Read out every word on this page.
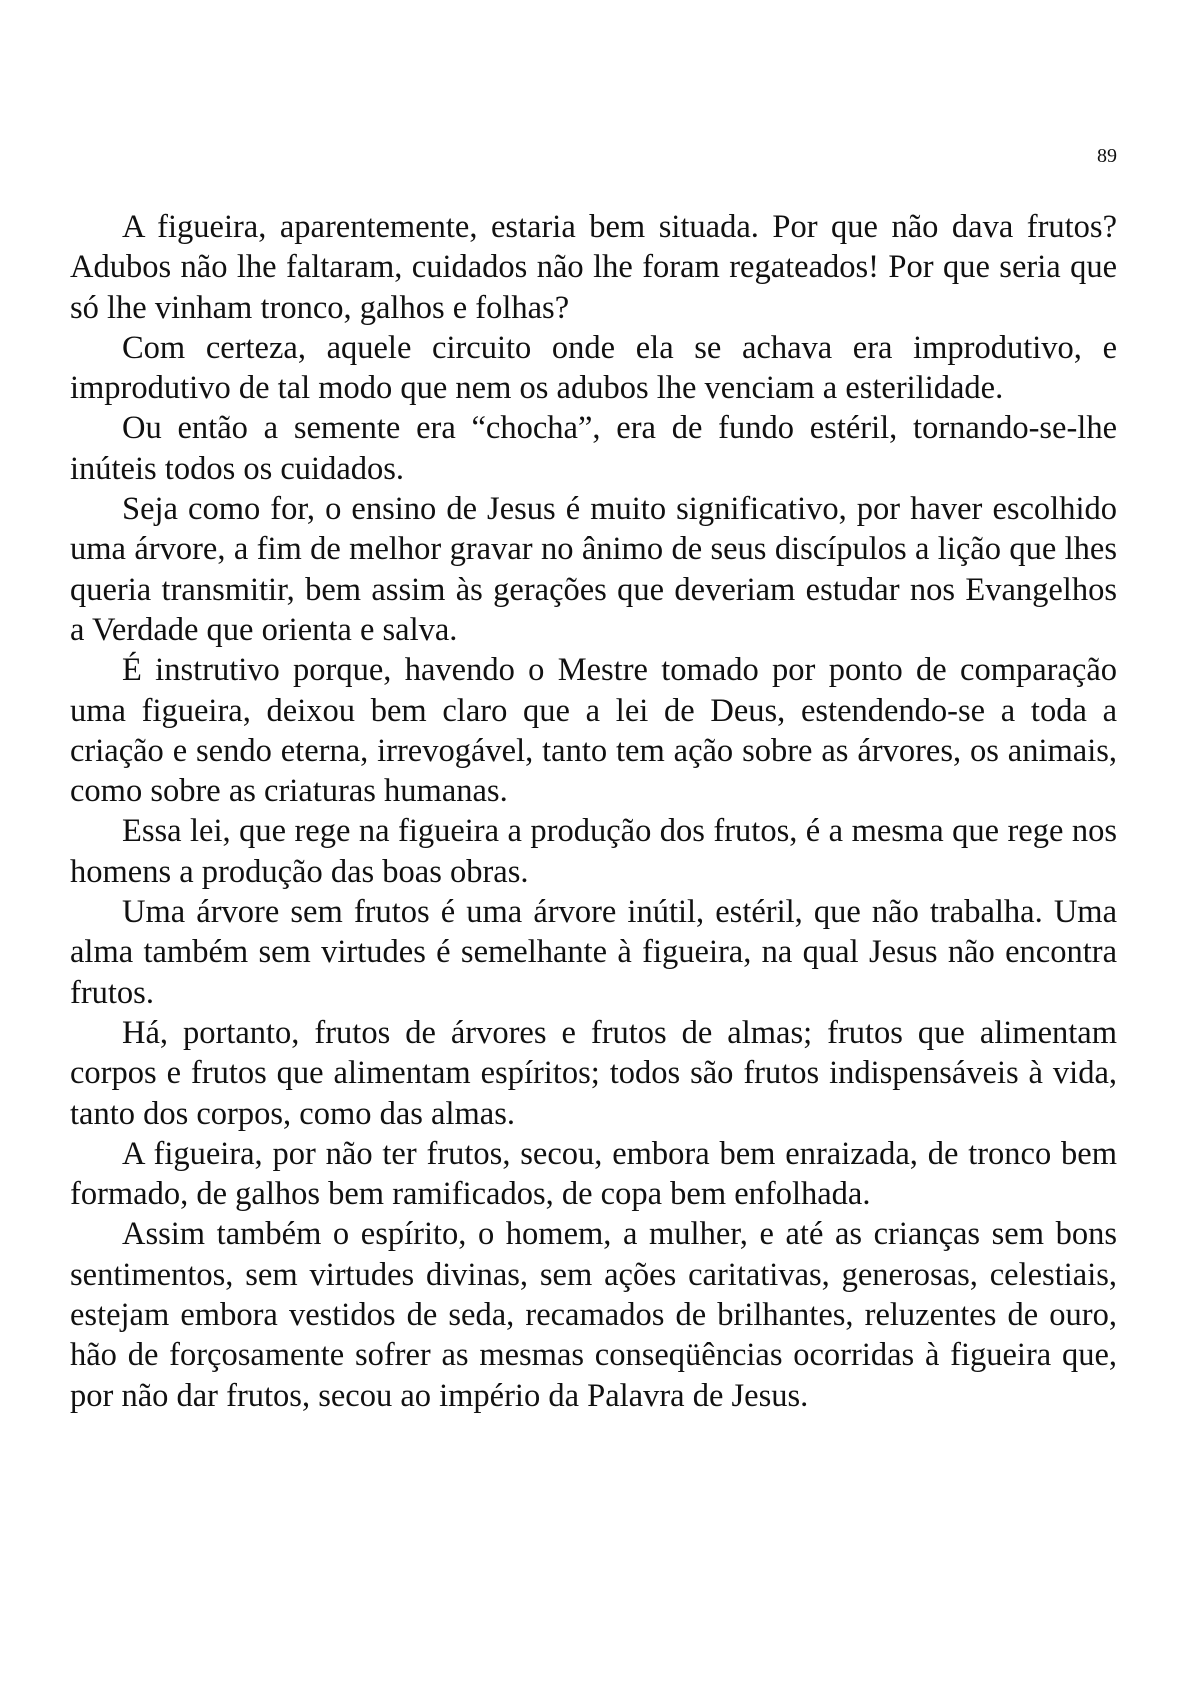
89

A figueira, aparentemente, estaria bem situada. Por que não dava frutos? Adubos não lhe faltaram, cuidados não lhe foram regateados! Por que seria que só lhe vinham tronco, galhos e folhas?

Com certeza, aquele circuito onde ela se achava era improdutivo, e improdutivo de tal modo que nem os adubos lhe venciam a esterilidade.

Ou então a semente era “chocha”, era de fundo estéril, tornando-se-lhe inúteis todos os cuidados.

Seja como for, o ensino de Jesus é muito significativo, por haver escolhido uma árvore, a fim de melhor gravar no ânimo de seus discípulos a lição que lhes queria transmitir, bem assim às gerações que deveriam estudar nos Evangelhos a Verdade que orienta e salva.

É instrutivo porque, havendo o Mestre tomado por ponto de comparação uma figueira, deixou bem claro que a lei de Deus, estendendo-se a toda a criação e sendo eterna, irrevogável, tanto tem ação sobre as árvores, os animais, como sobre as criaturas humanas.

Essa lei, que rege na figueira a produção dos frutos, é a mesma que rege nos homens a produção das boas obras.

Uma árvore sem frutos é uma árvore inútil, estéril, que não trabalha. Uma alma também sem virtudes é semelhante à figueira, na qual Jesus não encontra frutos.

Há, portanto, frutos de árvores e frutos de almas; frutos que alimentam corpos e frutos que alimentam espíritos; todos são frutos indispensáveis à vida, tanto dos corpos, como das almas.

A figueira, por não ter frutos, secou, embora bem enraizada, de tronco bem formado, de galhos bem ramificados, de copa bem enfolhada.

Assim também o espírito, o homem, a mulher, e até as crianças sem bons sentimentos, sem virtudes divinas, sem ações caritativas, generosas, celestiais, estejam embora vestidos de seda, recamados de brilhantes, reluzentes de ouro, hão de forçosamente sofrer as mesmas conseqüências ocorridas à figueira que, por não dar frutos, secou ao império da Palavra de Jesus.
